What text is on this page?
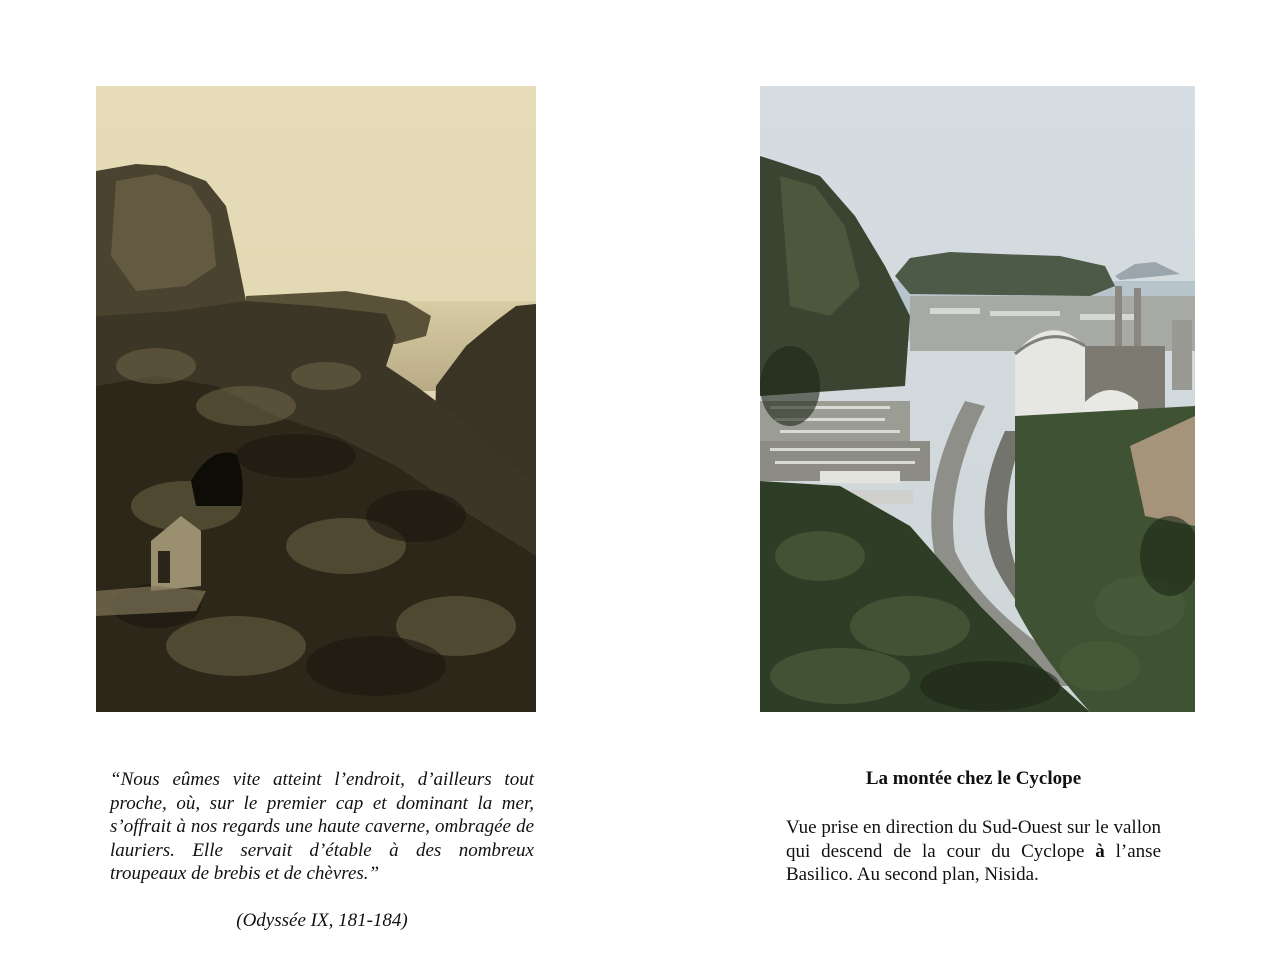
“Nous eûmes vite atteint l’endroit, d’ailleurs tout proche, où, sur le premier cap et dominant la mer, s’offrait à nos regards une haute caverne, ombragée de lauriers. Elle servait d’étable à des nombreux troupeaux de brebis et de chèvres.”

(Odyssée IX, 181-184)

La montée chez le Cyclope

Vue prise en direction du Sud-Ouest sur le vallon qui descend de la cour du Cyclope à l’anse Basilico. Au second plan, Nisida.
